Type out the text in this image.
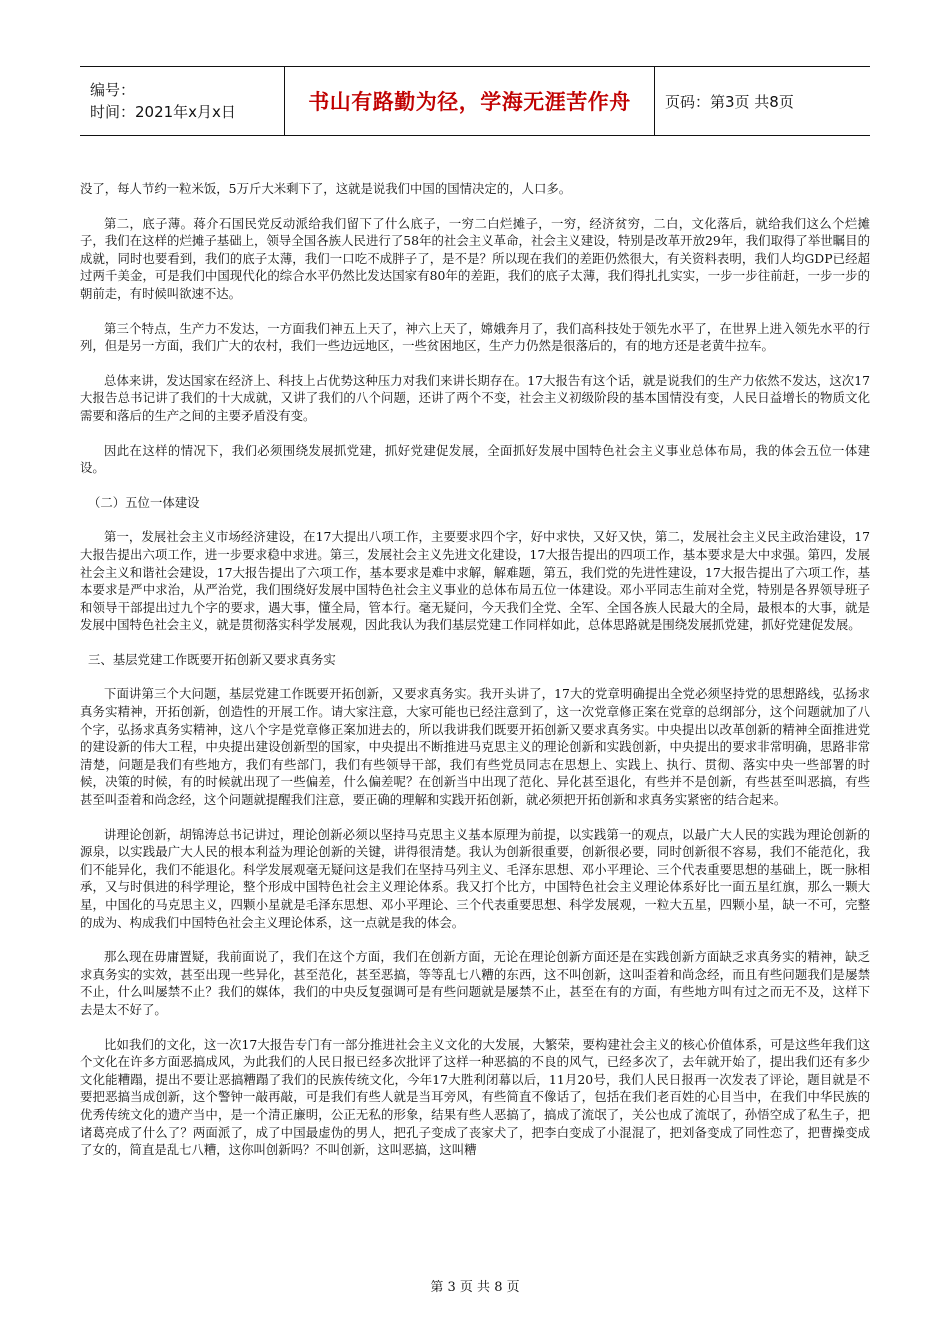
编号：
时间：2021年x月x日	书山有路勤为径，学海无涯苦作舟 页码：第3页 共8页

没了，每人节约一粒米饭，5万斤大米剩下了，这就是说我们中国的国情决定的，人口多。

第二，底子薄。蒋介石国民党反动派给我们留下了什么底子，一穷二白烂摊子，一穷，经济贫穷，二白，文化落后，就给我们这么个烂摊子，我们在这样的烂摊子基础上，领导全国各族人民进行了58年的社会主义革命，社会主义建设，特别是改革开放29年，我们取得了举世瞩目的成就，同时也要看到，我们的底子太薄，我们一口吃不成胖子了，是不是？所以现在我们的差距仍然很大，有关资料表明，我们人均GDP已经超过两千美金，可是我们中国现代化的综合水平仍然比发达国家有80年的差距，我们的底子太薄，我们得扎扎实实，一步一步往前赶，一步一步的朝前走，有时候叫欲速不达。

第三个特点，生产力不发达，一方面我们神五上天了，神六上天了，嫦娥奔月了，我们高科技处于领先水平了，在世界上进入领先水平的行列，但是另一方面，我们广大的农村，我们一些边远地区，一些贫困地区，生产力仍然是很落后的，有的地方还是老黄牛拉车。

总体来讲，发达国家在经济上、科技上占优势这种压力对我们来讲长期存在。17大报告有这个话，就是说我们的生产力依然不发达，这次17大报告总书记讲了我们的十大成就，又讲了我们的八个问题，还讲了两个不变，社会主义初级阶段的基本国情没有变，人民日益增长的物质文化需要和落后的生产之间的主要矛盾没有变。

因此在这样的情况下，我们必须围绕发展抓党建，抓好党建促发展，全面抓好发展中国特色社会主义事业总体布局，我的体会五位一体建设。

（二）五位一体建设

第一，发展社会主义市场经济建设，在17大提出八项工作，主要要求四个字，好中求快，又好又快，第二，发展社会主义民主政治建设，17大报告提出六项工作，进一步要求稳中求进。第三，发展社会主义先进文化建设，17大报告提出的四项工作，基本要求是大中求强。第四，发展社会主义和谐社会建设，17大报告提出了六项工作，基本要求是难中求解，解难题，第五，我们党的先进性建设，17大报告提出了六项工作，基本要求是严中求治，从严治党，我们围绕好发展中国特色社会主义事业的总体布局五位一体建设。邓小平同志生前对全党，特别是各界领导班子和领导干部提出过九个字的要求，遇大事，懂全局，管本行。毫无疑问，今天我们全党、全军、全国各族人民最大的全局，最根本的大事，就是发展中国特色社会主义，就是贯彻落实科学发展观，因此我认为我们基层党建工作同样如此，总体思路就是围绕发展抓党建，抓好党建促发展。

三、基层党建工作既要开拓创新又要求真务实

下面讲第三个大问题，基层党建工作既要开拓创新，又要求真务实。我开头讲了，17大的党章明确提出全党必须坚持党的思想路线，弘扬求真务实精神，开拓创新，创造性的开展工作。请大家注意，大家可能也已经注意到了，这一次党章修正案在党章的总纲部分，这个问题就加了八个字，弘扬求真务实精神，这八个字是党章修正案加进去的，所以我讲我们既要开拓创新又要求真务实。中央提出以改革创新的精神全面推进党的建设新的伟大工程，中央提出建设创新型的国家，中央提出不断推进马克思主义的理论创新和实践创新，中央提出的要求非常明确，思路非常清楚，问题是我们有些地方，我们有些部门，我们有些领导干部，我们有些党员同志在思想上、实践上、执行、贯彻、落实中央一些部署的时候，决策的时候，有的时候就出现了一些偏差，什么偏差呢？在创新当中出现了范化、异化甚至退化，有些并不是创新，有些甚至叫恶搞，有些甚至叫歪着和尚念经，这个问题就提醒我们注意，要正确的理解和实践开拓创新，就必须把开拓创新和求真务实紧密的结合起来。

讲理论创新，胡锦涛总书记讲过，理论创新必须以坚持马克思主义基本原理为前提，以实践第一的观点，以最广大人民的实践为理论创新的源泉，以实践最广大人民的根本利益为理论创新的关键，讲得很清楚。我认为创新很重要，创新很必要，同时创新很不容易，我们不能范化，我们不能异化，我们不能退化。科学发展观毫无疑问这是我们在坚持马列主义、毛泽东思想、邓小平理论、三个代表重要思想的基础上，既一脉相承，又与时俱进的科学理论，整个形成中国特色社会主义理论体系。我又打个比方，中国特色社会主义理论体系好比一面五星红旗，那么一颗大星，中国化的马克思主义，四颗小星就是毛泽东思想、邓小平理论、三个代表重要思想、科学发展观，一粒大五星，四颗小星，缺一不可，完整的成为、构成我们中国特色社会主义理论体系，这一点就是我的体会。

那么现在毋庸置疑，我前面说了，我们在这个方面，我们在创新方面，无论在理论创新方面还是在实践创新方面缺乏求真务实的精神，缺乏求真务实的实效，甚至出现一些异化，甚至范化，甚至恶搞，等等乱七八糟的东西，这不叫创新，这叫歪着和尚念经，而且有些问题我们是屡禁不止，什么叫屡禁不止？我们的媒体，我们的中央反复强调可是有些问题就是屡禁不止，甚至在有的方面，有些地方叫有过之而无不及，这样下去是太不好了。

比如我们的文化，这一次17大报告专门有一部分推进社会主义文化的大发展，大繁荣，要构建社会主义的核心价值体系，可是这些年我们这个文化在许多方面恶搞成风，为此我们的人民日报已经多次批评了这样一种恶搞的不良的风气，已经多次了，去年就开始了，提出我们还有多少文化能糟蹋，提出不要让恶搞糟蹋了我们的民族传统文化，今年17大胜利闭幕以后，11月20号，我们人民日报再一次发表了评论，题目就是不要把恶搞当成创新，这个警钟一敲再敲，可是我们有些人就是当耳旁风，有些简直不像话了，包括在我们老百姓的心目当中，在我们中华民族的优秀传统文化的遗产当中，是一个清正廉明，公正无私的形象，结果有些人恶搞了，搞成了流氓了，关公也成了流氓了，孙悟空成了私生子，把诸葛亮成了什么了？两面派了，成了中国最虚伪的男人，把孔子变成了丧家犬了，把李白变成了小混混了，把刘备变成了同性恋了，把曹操变成了女的，简直是乱七八糟，这你叫创新吗？不叫创新，这叫恶搞，这叫糟

第 3 页 共 8 页
